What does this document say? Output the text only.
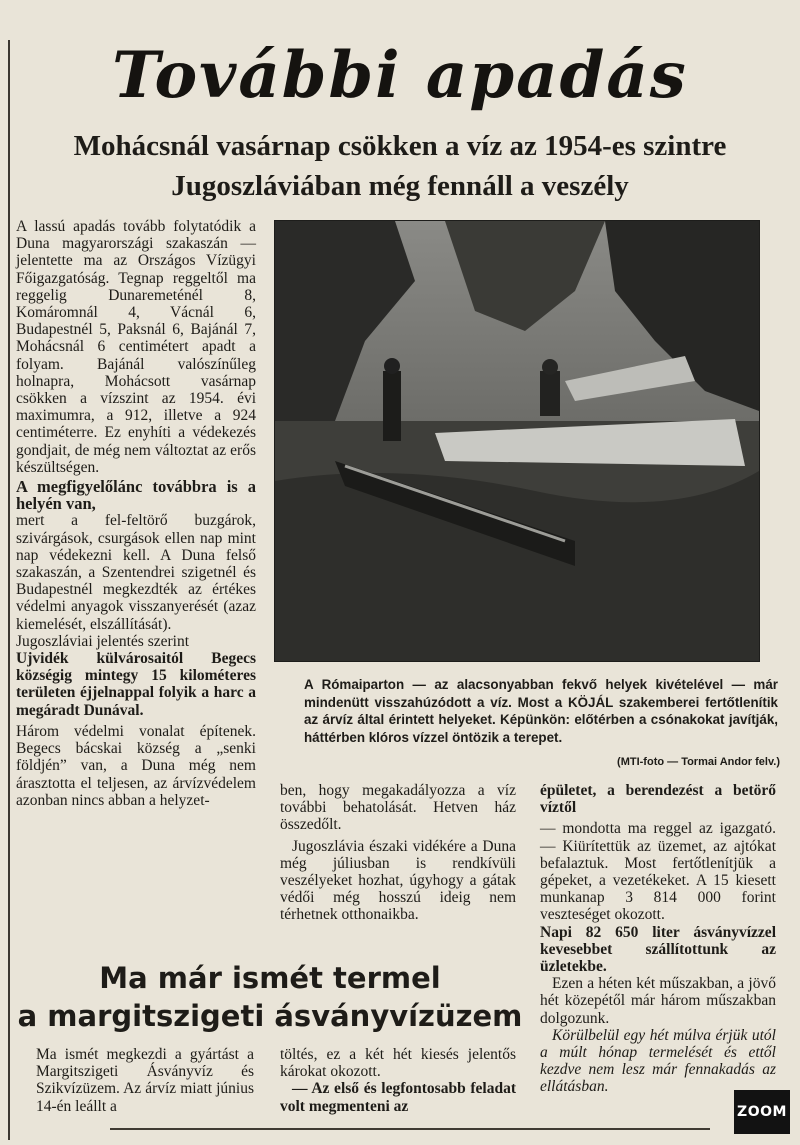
További apadás
Mohácsnál vasárnap csökken a víz az 1954-es szintre
Jugoszláviában még fennáll a veszély

A lassú apadás tovább folytatódik a Duna magyarországi szakaszán — jelentette ma az Országos Vízügyi Főigazgatóság. Tegnap reggeltől ma reggelig Dunaremeténél 8, Komáromnál 4, Vácnál 6, Budapestnél 5, Paksnál 6, Bajánál 7, Mohácsnál 6 centimétert apadt a folyam. Bajánál valószínűleg holnapra, Mohácsott vasárnap csökken a vízszint az 1954. évi maximumra, a 912, illetve a 924 centiméterre. Ez enyhíti a védekezés gondjait, de még nem változtat az erős készültségen.

A megfigyelőlánc továbbra is a helyén van,

mert a fel-feltörő buzgárok, szivárgások, csurgások ellen nap mint nap védekezni kell. A Duna felső szakaszán, a Szentendrei szigetnél és Budapestnél megkezdték az értékes védelmi anyagok visszanyerését (azaz kiemelését, elszállítását).

Jugoszláviai jelentés szerint

Ujvidék külvárosaitól Begecs községig mintegy 15 kilométeres területen éjjelnappal folyik a harc a megáradt Dunával.

Három védelmi vonalat építenek. Begecs bácskai község a „senki földjén” van, a Duna még nem árasztotta el teljesen, az árvízvédelem azonban nincs abban a helyzet-

A Rómaiparton — az alacsonyabban fekvő helyek kivételével — már mindenütt visszahúzódott a víz. Most a KÖJÁL szakemberei fertőtlenítik az árvíz által érintett helyeket. Képünkön: előtérben a csónakokat javítják, háttérben klóros vízzel öntözik a terepet.
(MTI-foto — Tormai Andor felv.)

ben, hogy megakadályozza a víz további behatolását. Hetven ház összedőlt.

Jugoszlávia északi vidékére a Duna még júliusban is rendkívüli veszélyeket hozhat, úgyhogy a gátak védői még hosszú ideig nem térhetnek otthonaikba.

épületet, a berendezést a betörő víztől

— mondotta ma reggel az igazgató. — Kiürítettük az üzemet, az ajtókat befalaztuk. Most fertőtlenítjük a gépeket, a vezetékeket. A 15 kiesett munkanap 3 814 000 forint veszteséget okozott.

Napi 82 650 liter ásványvízzel kevesebbet szállítottunk az üzletekbe.

Ezen a héten két műszakban, a jövő hét közepétől már három műszakban dolgozunk.

Körülbelül egy hét múlva érjük utól a múlt hónap termelését és ettől kezdve nem lesz már fennakadás az ellátásban.

Ma már ismét termel
a margitszigeti ásványvízüzem

Ma ismét megkezdi a gyártást a Margitszigeti Ásványvíz és Szikvízüzem. Az árvíz miatt június 14-én leállt a

töltés, ez a két hét kiesés jelentős károkat okozott.

— Az első és legfontosabb feladat volt megmenteni az	ZOOM
